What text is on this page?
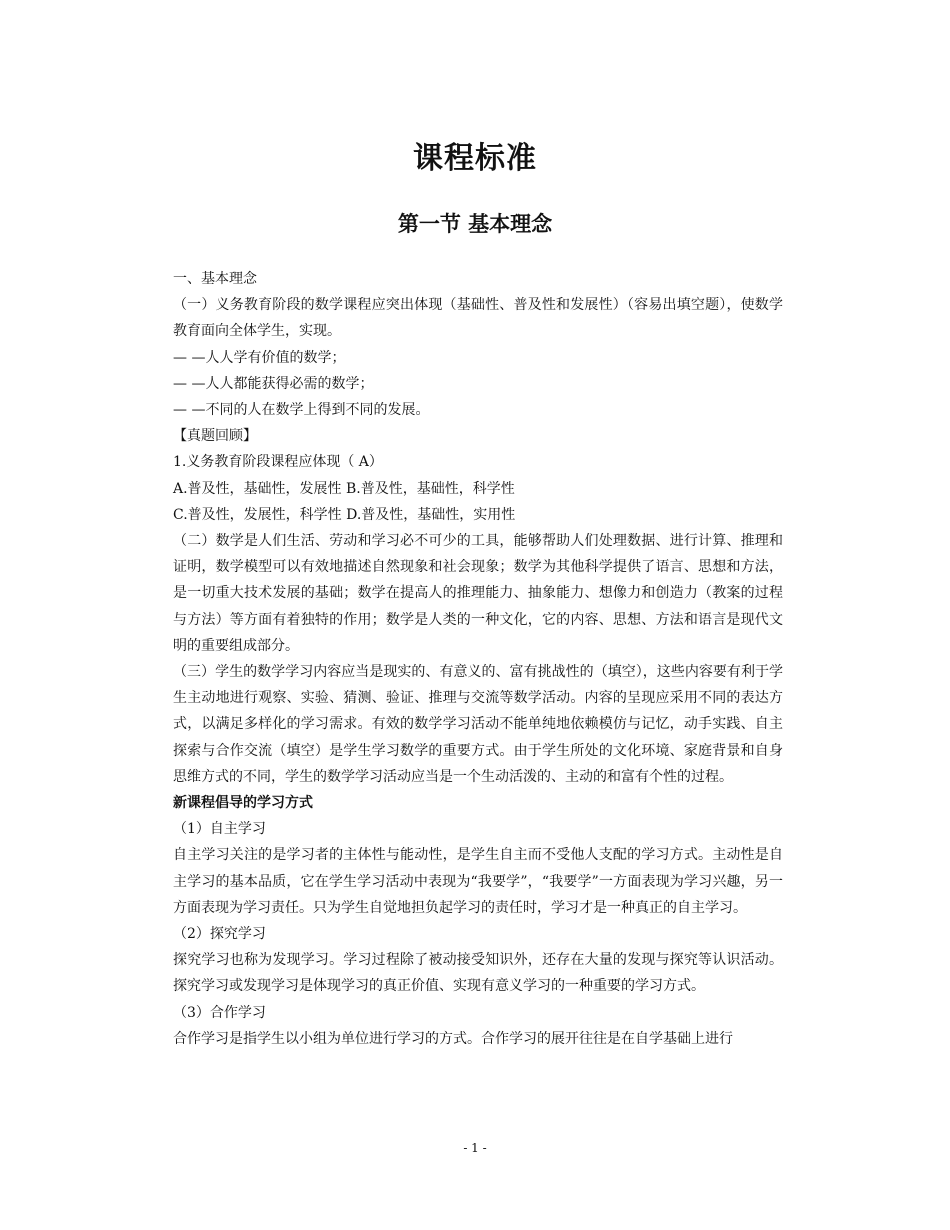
课程标准
第一节 基本理念

一、基本理念

（一）义务教育阶段的数学课程应突出体现（基础性、普及性和发展性）（容易出填空题），使数学教育面向全体学生，实现。

— —人人学有价值的数学；

— —人人都能获得必需的数学；

— —不同的人在数学上得到不同的发展。

【真题回顾】

1.义务教育阶段课程应体现（ A）

A.普及性，基础性，发展性 B.普及性，基础性，科学性

C.普及性，发展性，科学性 D.普及性，基础性，实用性

（二）数学是人们生活、劳动和学习必不可少的工具，能够帮助人们处理数据、进行计算、推理和证明，数学模型可以有效地描述自然现象和社会现象；数学为其他科学提供了语言、思想和方法，是一切重大技术发展的基础；数学在提高人的推理能力、抽象能力、想像力和创造力（教案的过程与方法）等方面有着独特的作用；数学是人类的一种文化，它的内容、思想、方法和语言是现代文明的重要组成部分。

（三）学生的数学学习内容应当是现实的、有意义的、富有挑战性的（填空），这些内容要有利于学生主动地进行观察、实验、猜测、验证、推理与交流等数学活动。内容的呈现应采用不同的表达方式，以满足多样化的学习需求。有效的数学学习活动不能单纯地依赖模仿与记忆，动手实践、自主探索与合作交流（填空）是学生学习数学的重要方式。由于学生所处的文化环境、家庭背景和自身思维方式的不同，学生的数学学习活动应当是一个生动活泼的、主动的和富有个性的过程。

新课程倡导的学习方式

（1）自主学习

自主学习关注的是学习者的主体性与能动性，是学生自主而不受他人支配的学习方式。主动性是自主学习的基本品质，它在学生学习活动中表现为“我要学”，“我要学”一方面表现为学习兴趣，另一方面表现为学习责任。只为学生自觉地担负起学习的责任时，学习才是一种真正的自主学习。

（2）探究学习

探究学习也称为发现学习。学习过程除了被动接受知识外，还存在大量的发现与探究等认识活动。探究学习或发现学习是体现学习的真正价值、实现有意义学习的一种重要的学习方式。

（3）合作学习

合作学习是指学生以小组为单位进行学习的方式。合作学习的展开往往是在自学基础上进行

- 1 -
